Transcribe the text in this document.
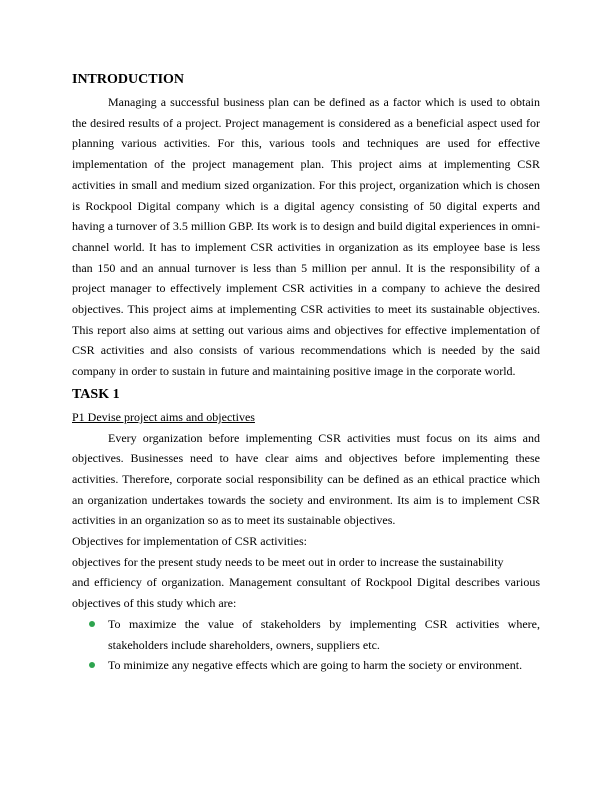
INTRODUCTION

Managing a successful business plan can be defined as a factor which is used to obtain the desired results of a project. Project management is considered as a beneficial aspect used for planning various activities. For this, various tools and techniques are used for effective implementation of the project management plan. This project aims at implementing CSR activities in small and medium sized organization. For this project, organization which is chosen is Rockpool Digital company which is a digital agency consisting of 50 digital experts and having a turnover of 3.5 million GBP. Its work is to design and build digital experiences in omni-channel world. It has to implement CSR activities in organization as its employee base is less than 150 and an annual turnover is less than 5 million per annul. It is the responsibility of a project manager to effectively implement CSR activities in a company to achieve the desired objectives. This project aims at implementing CSR activities to meet its sustainable objectives. This report also aims at setting out various aims and objectives for effective implementation of CSR activities and also consists of various recommendations which is needed by the said company in order to sustain in future and maintaining positive image in the corporate world.

TASK 1

P1 Devise project aims and objectives

Every organization before implementing CSR activities must focus on its aims and objectives. Businesses need to have clear aims and objectives before implementing these activities. Therefore, corporate social responsibility can be defined as an ethical practice which an organization undertakes towards the society and environment. Its aim is to implement CSR activities in an organization so as to meet its sustainable objectives.

Objectives for implementation of CSR activities:

objectives for the present study needs to be meet out in order to increase the sustainability

and efficiency of organization. Management consultant of Rockpool Digital describes various objectives of this study which are:

To maximize the value of stakeholders by implementing CSR activities where, stakeholders include shareholders, owners, suppliers etc.
To minimize any negative effects which are going to harm the society or environment.
